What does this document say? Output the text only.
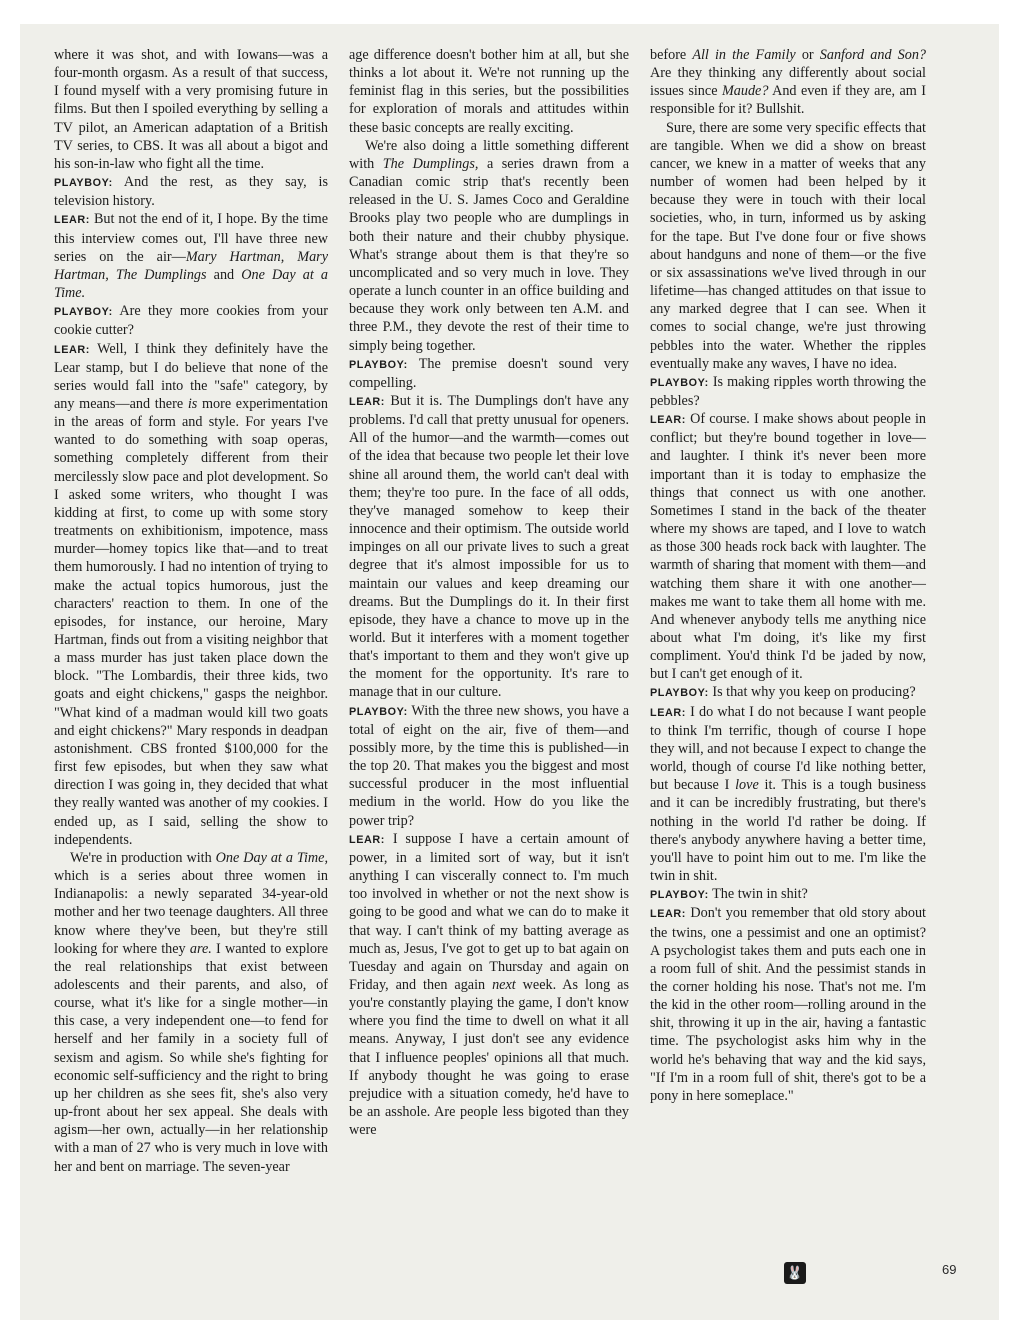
where it was shot, and with Iowans—was a four-month orgasm. As a result of that success, I found myself with a very promising future in films. But then I spoiled everything by selling a TV pilot, an American adaptation of a British TV series, to CBS. It was all about a bigot and his son-in-law who fight all the time.

PLAYBOY: And the rest, as they say, is television history.

LEAR: But not the end of it, I hope. By the time this interview comes out, I'll have three new series on the air—Mary Hartman, Mary Hartman, The Dumplings and One Day at a Time.

PLAYBOY: Are they more cookies from your cookie cutter?

LEAR: Well, I think they definitely have the Lear stamp, but I do believe that none of the series would fall into the "safe" category, by any means—and there is more experimentation in the areas of form and style. For years I've wanted to do something with soap operas, something completely different from their mercilessly slow pace and plot development. So I asked some writers, who thought I was kidding at first, to come up with some story treatments on exhibitionism, impotence, mass murder—homey topics like that—and to treat them humorously. I had no intention of trying to make the actual topics humorous, just the characters' reaction to them. In one of the episodes, for instance, our heroine, Mary Hartman, finds out from a visiting neighbor that a mass murder has just taken place down the block. "The Lombardis, their three kids, two goats and eight chickens," gasps the neighbor. "What kind of a madman would kill two goats and eight chickens?" Mary responds in deadpan astonishment. CBS fronted $100,000 for the first few episodes, but when they saw what direction I was going in, they decided that what they really wanted was another of my cookies. I ended up, as I said, selling the show to independents.

We're in production with One Day at a Time, which is a series about three women in Indianapolis: a newly separated 34-year-old mother and her two teenage daughters. All three know where they've been, but they're still looking for where they are. I wanted to explore the real relationships that exist between adolescents and their parents, and also, of course, what it's like for a single mother—in this case, a very independent one—to fend for herself and her family in a society full of sexism and agism. So while she's fighting for economic self-sufficiency and the right to bring up her children as she sees fit, she's also very up-front about her sex appeal. She deals with agism—her own, actually—in her relationship with a man of 27 who is very much in love with her and bent on marriage. The seven-year

age difference doesn't bother him at all, but she thinks a lot about it. We're not running up the feminist flag in this series, but the possibilities for exploration of morals and attitudes within these basic concepts are really exciting.

We're also doing a little something different with The Dumplings, a series drawn from a Canadian comic strip that's recently been released in the U. S. James Coco and Geraldine Brooks play two people who are dumplings in both their nature and their chubby physique. What's strange about them is that they're so uncomplicated and so very much in love. They operate a lunch counter in an office building and because they work only between ten A.M. and three P.M., they devote the rest of their time to simply being together.

PLAYBOY: The premise doesn't sound very compelling.

LEAR: But it is. The Dumplings don't have any problems. I'd call that pretty unusual for openers. All of the humor—and the warmth—comes out of the idea that because two people let their love shine all around them, the world can't deal with them; they're too pure. In the face of all odds, they've managed somehow to keep their innocence and their optimism. The outside world impinges on all our private lives to such a great degree that it's almost impossible for us to maintain our values and keep dreaming our dreams. But the Dumplings do it. In their first episode, they have a chance to move up in the world. But it interferes with a moment together that's important to them and they won't give up the moment for the opportunity. It's rare to manage that in our culture.

PLAYBOY: With the three new shows, you have a total of eight on the air, five of them—and possibly more, by the time this is published—in the top 20. That makes you the biggest and most successful producer in the most influential medium in the world. How do you like the power trip?

LEAR: I suppose I have a certain amount of power, in a limited sort of way, but it isn't anything I can viscerally connect to. I'm much too involved in whether or not the next show is going to be good and what we can do to make it that way. I can't think of my batting average as much as, Jesus, I've got to get up to bat again on Tuesday and again on Thursday and again on Friday, and then again next week. As long as you're constantly playing the game, I don't know where you find the time to dwell on what it all means. Anyway, I just don't see any evidence that I influence peoples' opinions all that much. If anybody thought he was going to erase prejudice with a situation comedy, he'd have to be an asshole. Are people less bigoted than they were

before All in the Family or Sanford and Son? Are they thinking any differently about social issues since Maude? And even if they are, am I responsible for it? Bullshit.

Sure, there are some very specific effects that are tangible. When we did a show on breast cancer, we knew in a matter of weeks that any number of women had been helped by it because they were in touch with their local societies, who, in turn, informed us by asking for the tape. But I've done four or five shows about handguns and none of them—or the five or six assassinations we've lived through in our lifetime—has changed attitudes on that issue to any marked degree that I can see. When it comes to social change, we're just throwing pebbles into the water. Whether the ripples eventually make any waves, I have no idea.

PLAYBOY: Is making ripples worth throwing the pebbles?

LEAR: Of course. I make shows about people in conflict; but they're bound together in love—and laughter. I think it's never been more important than it is today to emphasize the things that connect us with one another. Sometimes I stand in the back of the theater where my shows are taped, and I love to watch as those 300 heads rock back with laughter. The warmth of sharing that moment with them—and watching them share it with one another—makes me want to take them all home with me. And whenever anybody tells me anything nice about what I'm doing, it's like my first compliment. You'd think I'd be jaded by now, but I can't get enough of it.

PLAYBOY: Is that why you keep on producing?

LEAR: I do what I do not because I want people to think I'm terrific, though of course I hope they will, and not because I expect to change the world, though of course I'd like nothing better, but because I love it. This is a tough business and it can be incredibly frustrating, but there's nothing in the world I'd rather be doing. If there's anybody anywhere having a better time, you'll have to point him out to me. I'm like the twin in shit.

PLAYBOY: The twin in shit?

LEAR: Don't you remember that old story about the twins, one a pessimist and one an optimist? A psychologist takes them and puts each one in a room full of shit. And the pessimist stands in the corner holding his nose. That's not me. I'm the kid in the other room—rolling around in the shit, throwing it up in the air, having a fantastic time. The psychologist asks him why in the world he's behaving that way and the kid says, "If I'm in a room full of shit, there's got to be a pony in here someplace."

🐰	69
